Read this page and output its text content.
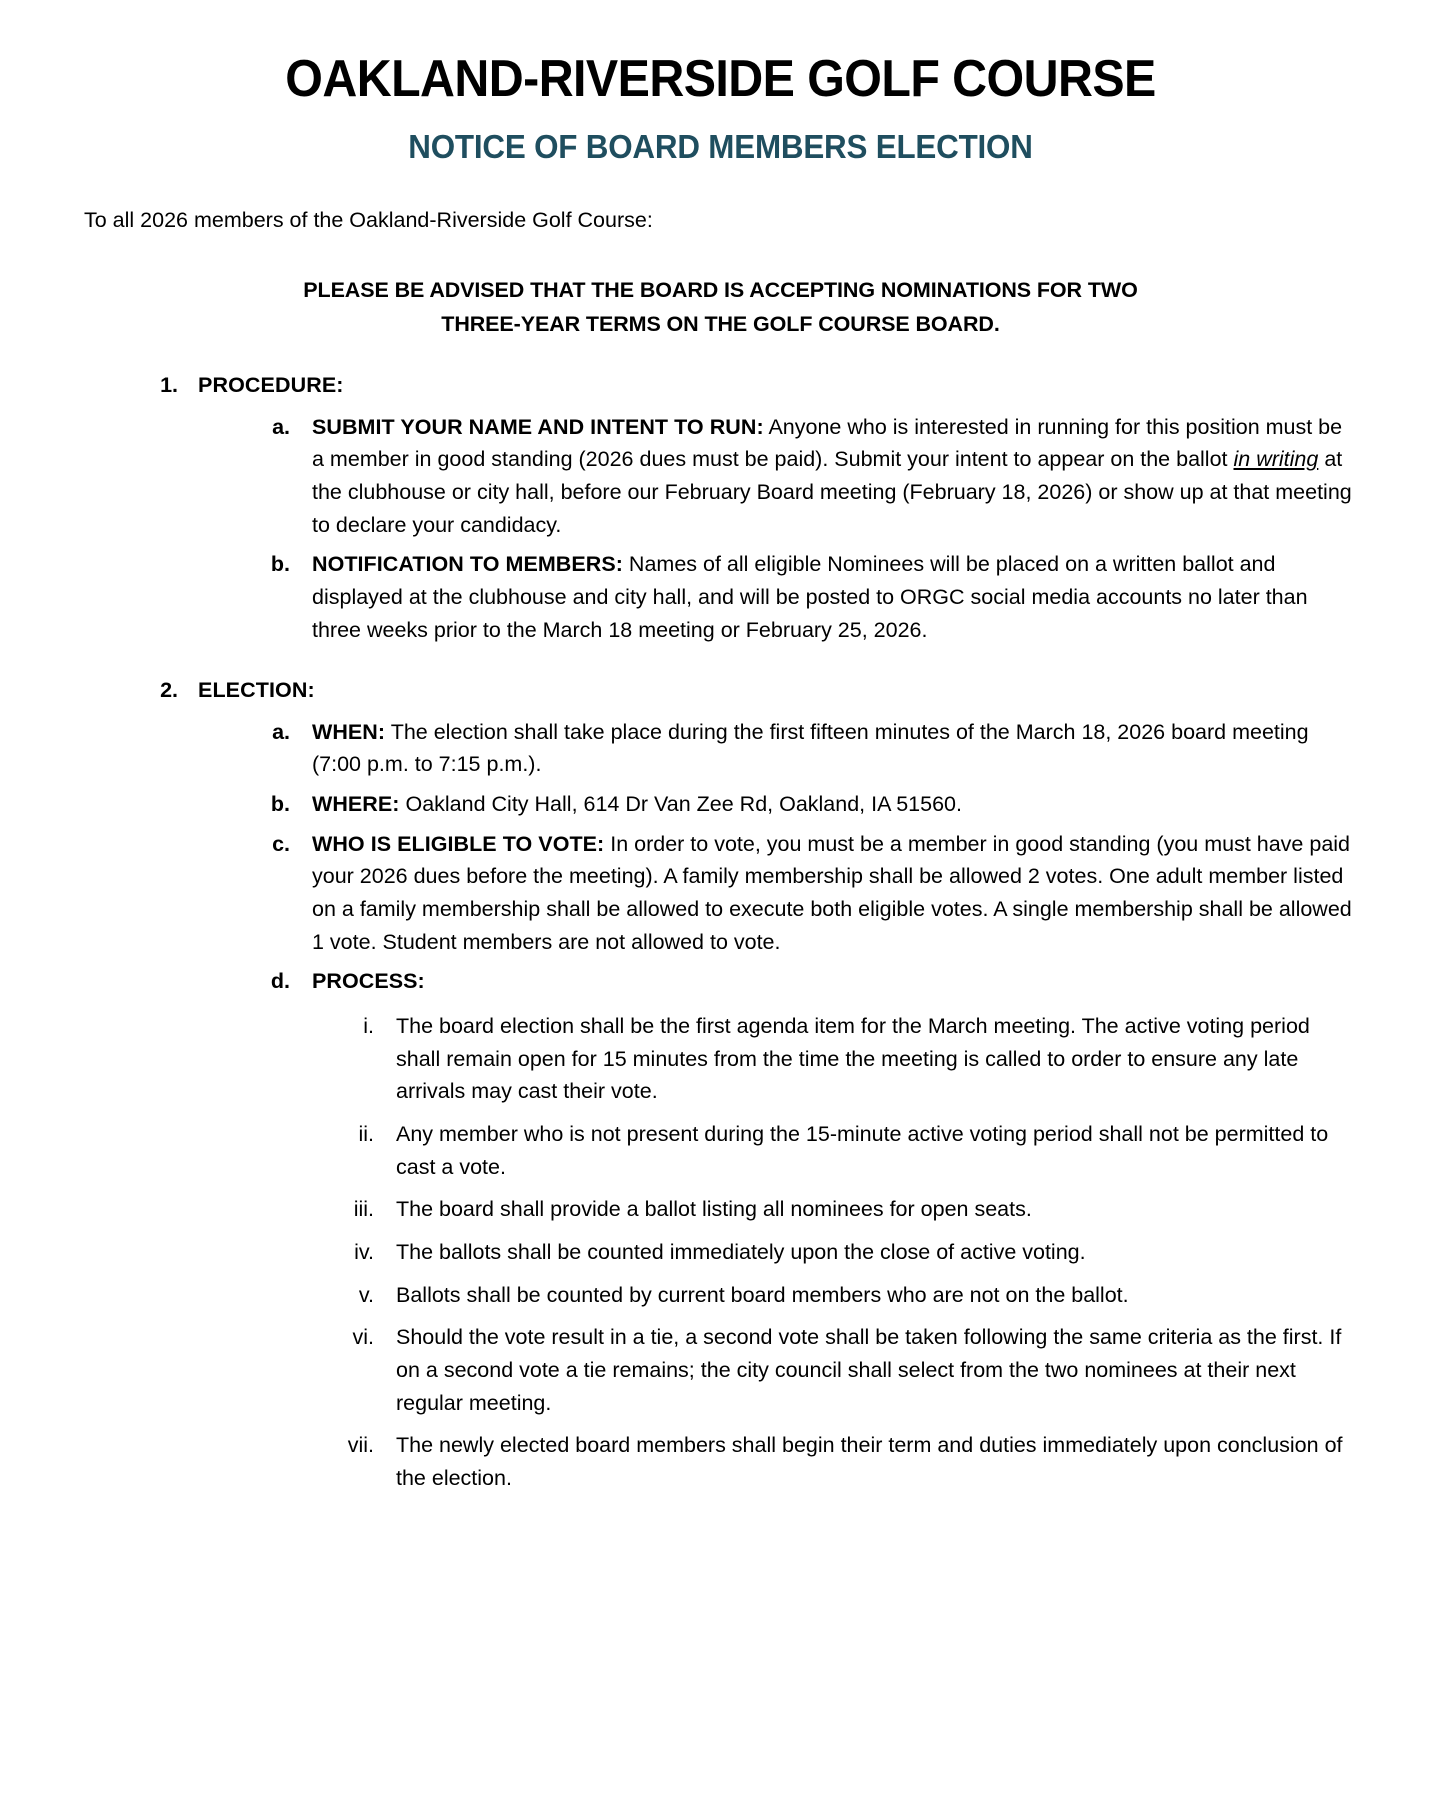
OAKLAND-RIVERSIDE GOLF COURSE
NOTICE OF BOARD MEMBERS ELECTION

To all 2026 members of the Oakland-Riverside Golf Course:

PLEASE BE ADVISED THAT THE BOARD IS ACCEPTING NOMINATIONS FOR TWO
THREE-YEAR TERMS ON THE GOLF COURSE BOARD.
1. PROCEDURE:
a. SUBMIT YOUR NAME AND INTENT TO RUN: Anyone who is interested in running for this position must be a member in good standing (2026 dues must be paid). Submit your intent to appear on the ballot in writing at the clubhouse or city hall, before our February Board meeting (February 18, 2026) or show up at that meeting to declare your candidacy.
b. NOTIFICATION TO MEMBERS: Names of all eligible Nominees will be placed on a written ballot and displayed at the clubhouse and city hall, and will be posted to ORGC social media accounts no later than three weeks prior to the March 18 meeting or February 25, 2026.
2. ELECTION:
a. WHEN: The election shall take place during the first fifteen minutes of the March 18, 2026 board meeting (7:00 p.m. to 7:15 p.m.).
b. WHERE: Oakland City Hall, 614 Dr Van Zee Rd, Oakland, IA 51560.
c. WHO IS ELIGIBLE TO VOTE: In order to vote, you must be a member in good standing (you must have paid your 2026 dues before the meeting). A family membership shall be allowed 2 votes. One adult member listed on a family membership shall be allowed to execute both eligible votes. A single membership shall be allowed 1 vote. Student members are not allowed to vote.
d. PROCESS:
i. The board election shall be the first agenda item for the March meeting. The active voting period shall remain open for 15 minutes from the time the meeting is called to order to ensure any late arrivals may cast their vote.
ii. Any member who is not present during the 15-minute active voting period shall not be permitted to cast a vote.
iii. The board shall provide a ballot listing all nominees for open seats.
iv. The ballots shall be counted immediately upon the close of active voting.
v. Ballots shall be counted by current board members who are not on the ballot.
vi. Should the vote result in a tie, a second vote shall be taken following the same criteria as the first. If on a second vote a tie remains; the city council shall select from the two nominees at their next regular meeting.
vii. The newly elected board members shall begin their term and duties immediately upon conclusion of the election.
